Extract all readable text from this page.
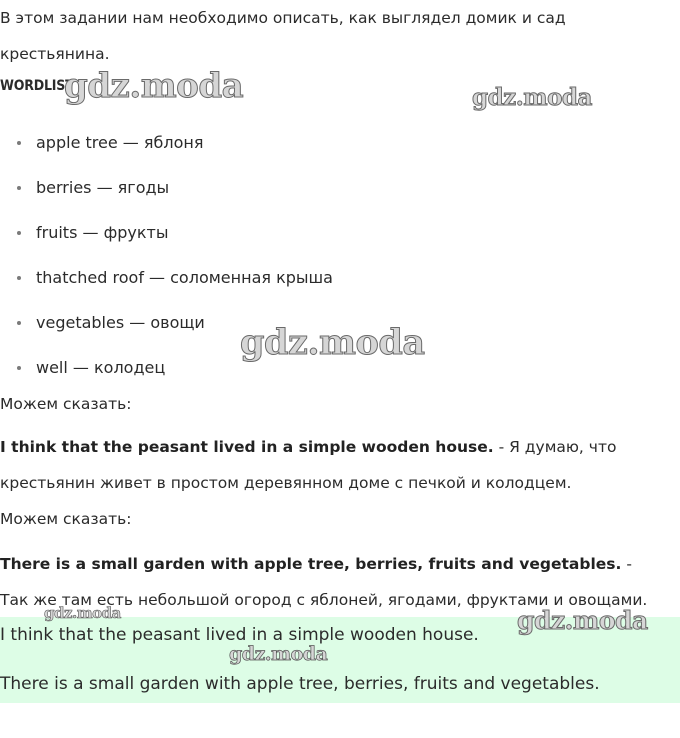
В этом задании нам необходимо описать, как выглядел домик и сад крестьянина.

WORDLIST
apple tree — яблоня
berries — ягоды
fruits — фрукты
thatched roof — соломенная крыша
vegetables — овощи
well — колодец

Можем сказать:

I think that the peasant lived in a simple wooden house. - Я думаю, что крестьянин живет в простом деревянном доме с печкой и колодцем.

Можем сказать:

There is a small garden with apple tree, berries, fruits and vegetables. - Так же там есть небольшой огород с яблоней, ягодами, фруктами и овощами.

I think that the peasant lived in a simple wooden house.
There is a small garden with apple tree, berries, fruits and vegetables.
gdz.moda	gdz.moda
gdz.moda
gdz.moda	gdz.moda
gdz.moda
